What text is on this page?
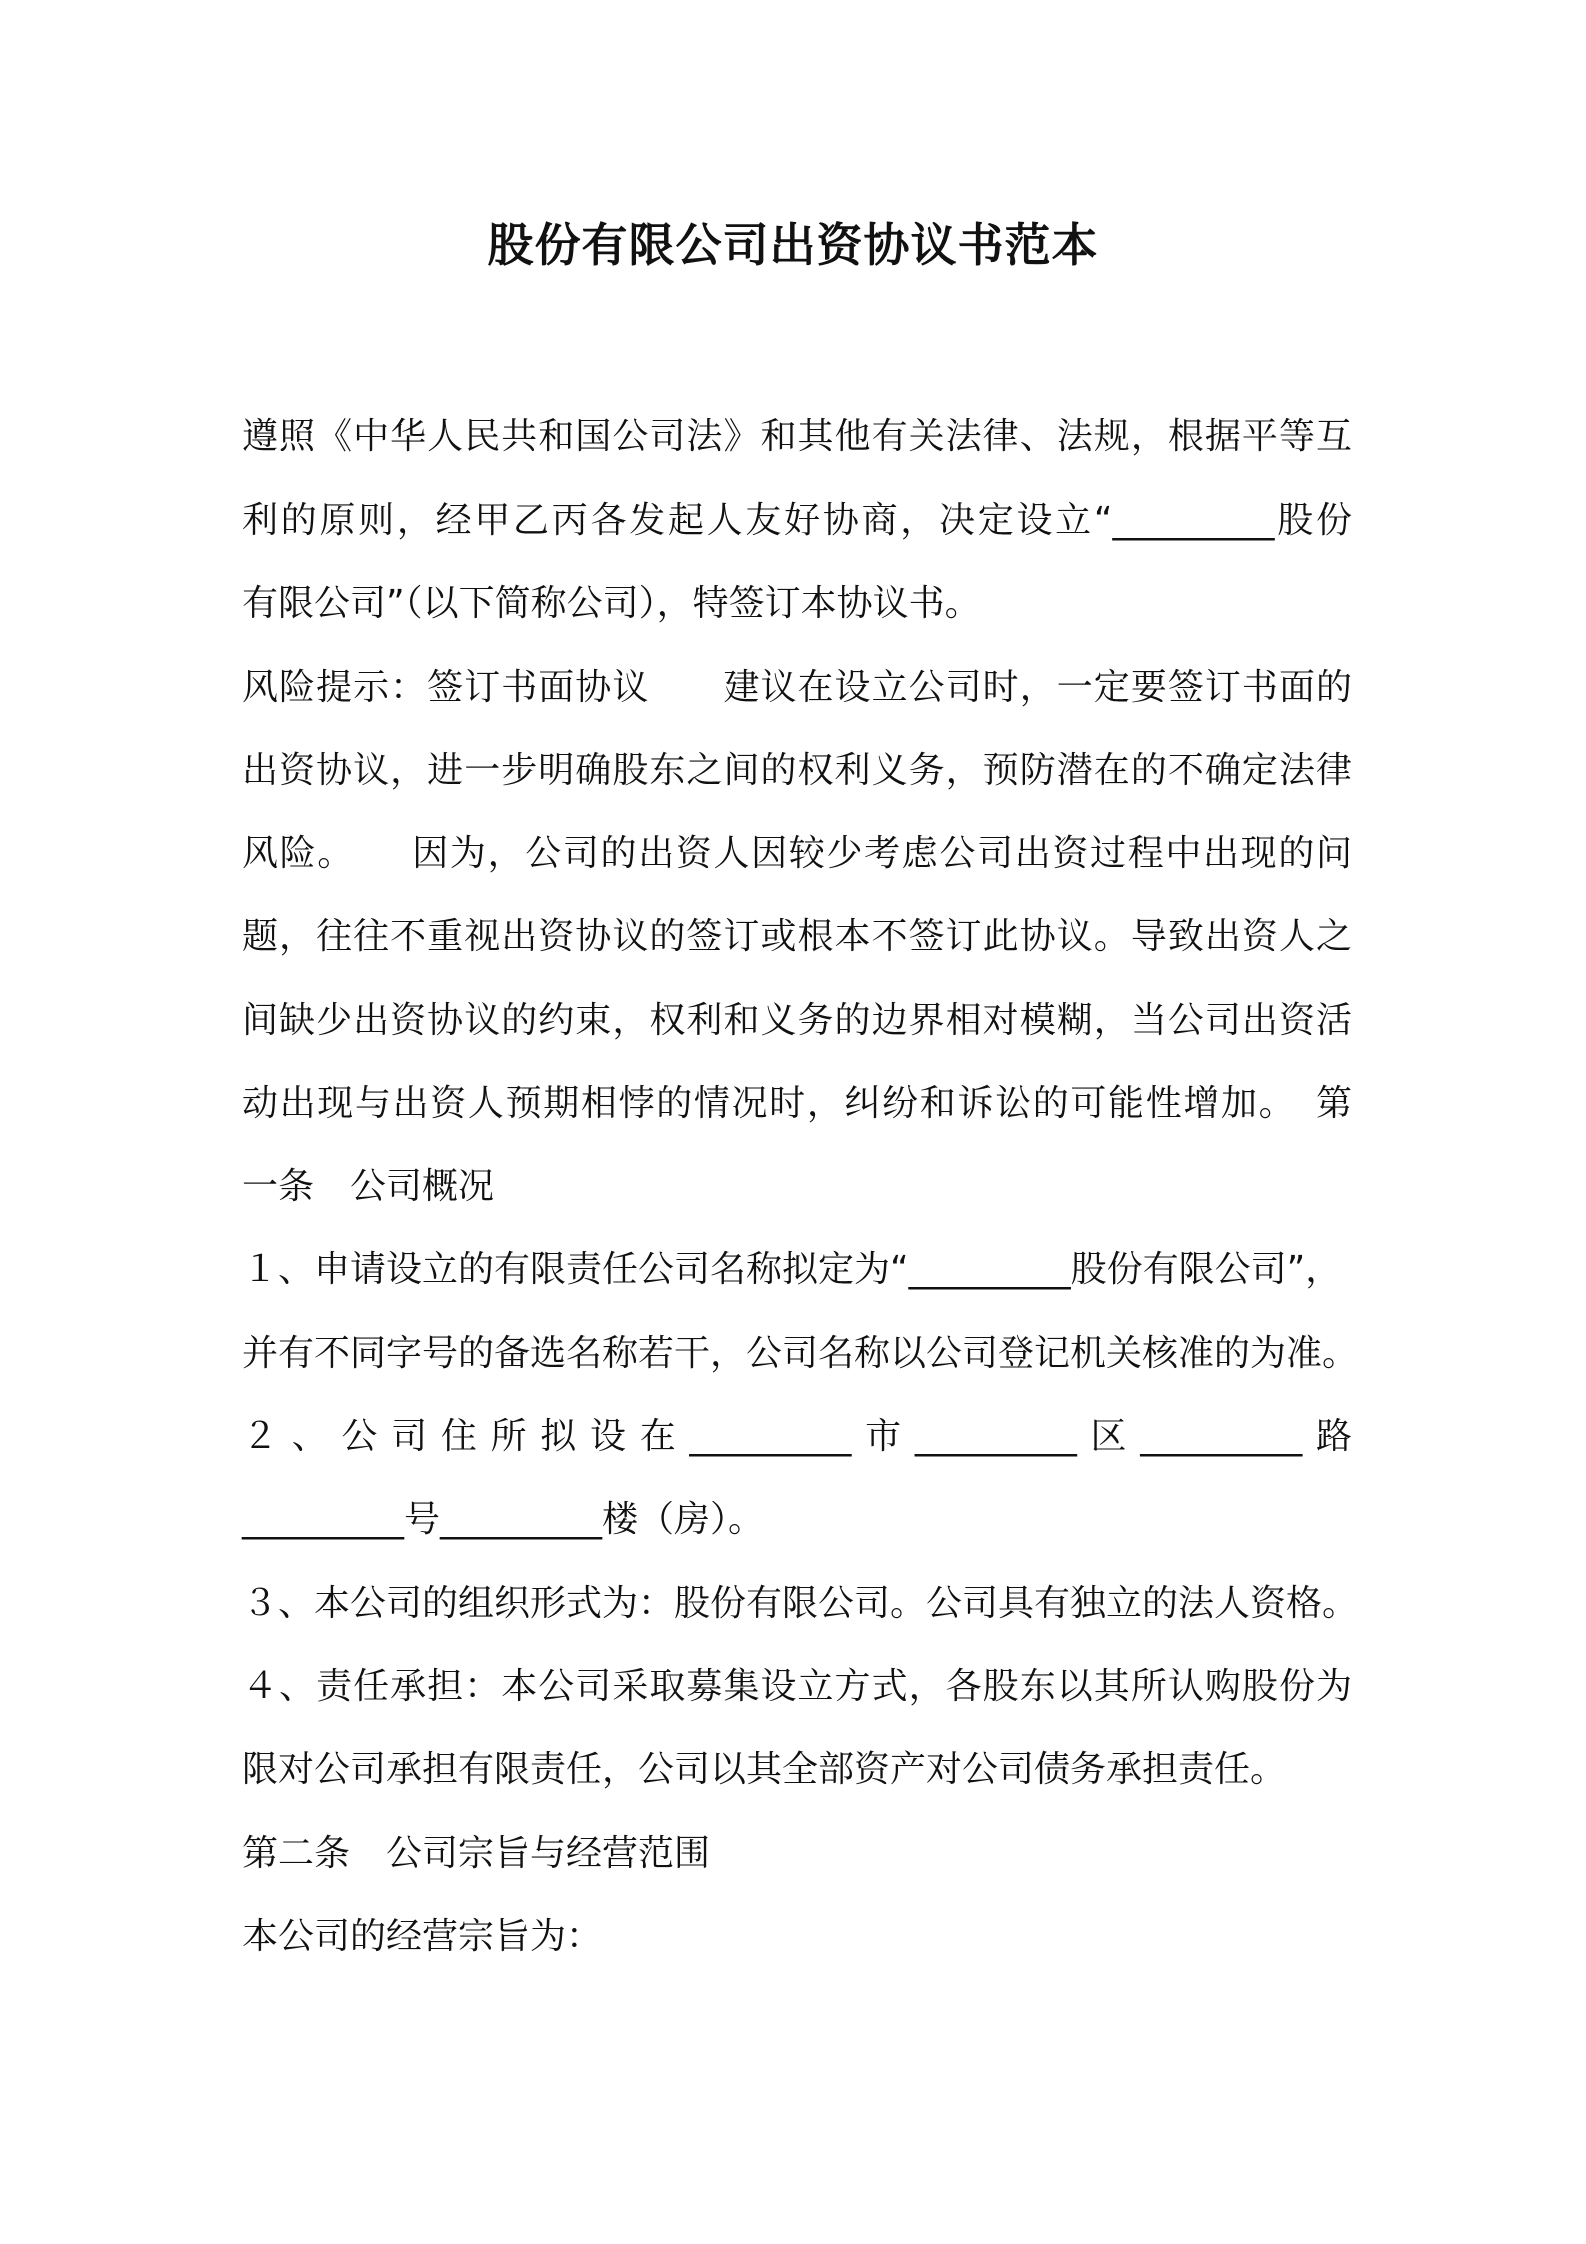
股份有限公司出资协议书范本

遵照《中华人民共和国公司法》和其他有关法律、法规，根据平等互

利的原则，经甲乙丙各发起人友好协商，决定设立“_________股份

有限公司”（以下简称公司），特签订本协议书。

风险提示：签订书面协议　　建议在设立公司时，一定要签订书面的

出资协议，进一步明确股东之间的权利义务，预防潜在的不确定法律

风险。　　因为，公司的出资人因较少考虑公司出资过程中出现的问

题，往往不重视出资协议的签订或根本不签订此协议。导致出资人之

间缺少出资协议的约束，权利和义务的边界相对模糊，当公司出资活

动出现与出资人预期相悖的情况时，纠纷和诉讼的可能性增加。　第

一条　公司概况

１、申请设立的有限责任公司名称拟定为“_________股份有限公司”，

并有不同字号的备选名称若干，公司名称以公司登记机关核准的为准。

２、公司住所拟设在_________市_________区_________路

_________号_________楼（房）。

３、本公司的组织形式为：股份有限公司。公司具有独立的法人资格。

４、责任承担：本公司采取募集设立方式，各股东以其所认购股份为

限对公司承担有限责任，公司以其全部资产对公司债务承担责任。

第二条　公司宗旨与经营范围

本公司的经营宗旨为：
